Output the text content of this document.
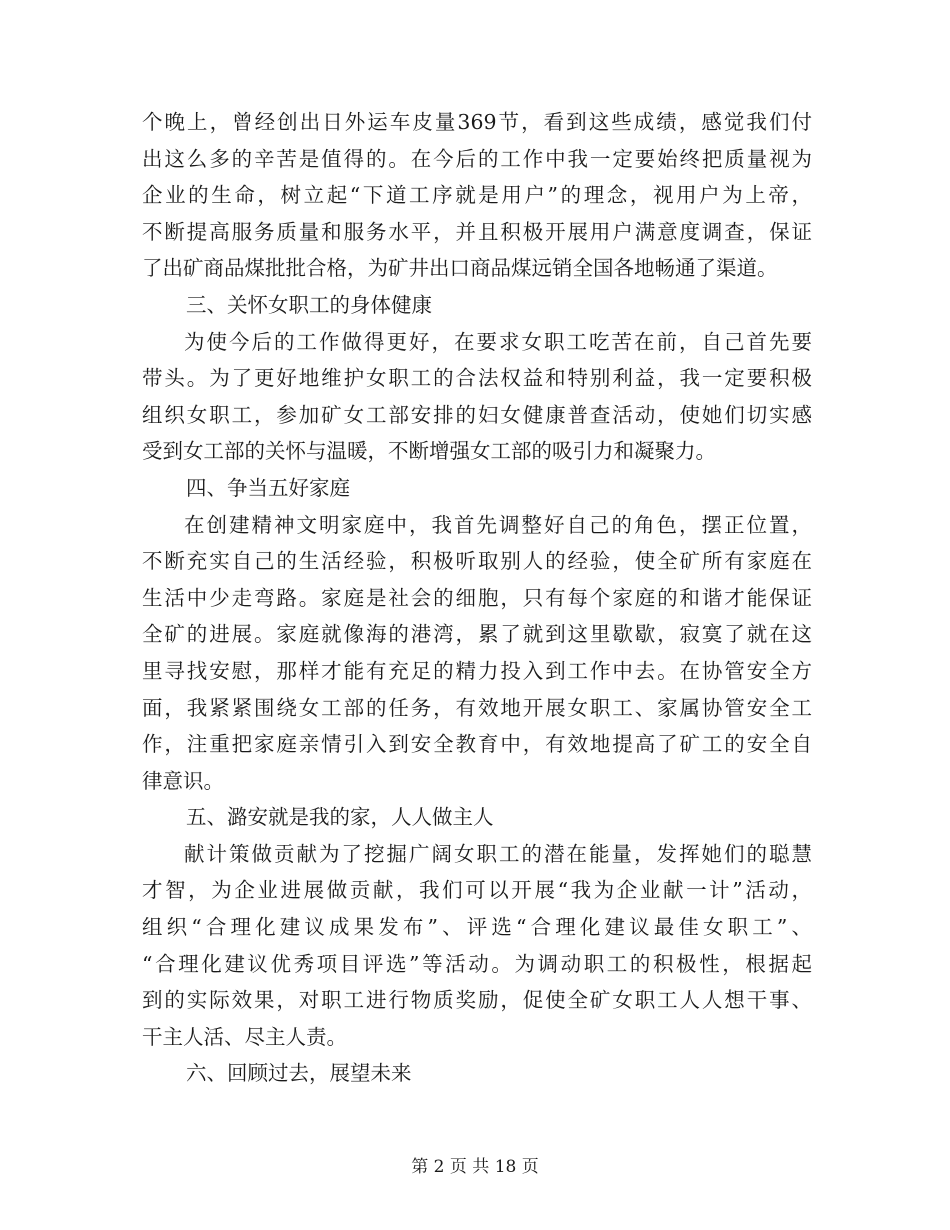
个晚上，曾经创出日外运车皮量369节，看到这些成绩，感觉我们付
出这么多的辛苦是值得的。在今后的工作中我一定要始终把质量视为
企业的生命，树立起“下道工序就是用户”的理念，视用户为上帝，
不断提高服务质量和服务水平，并且积极开展用户满意度调查，保证
了出矿商品煤批批合格，为矿井出口商品煤远销全国各地畅通了渠道。
三、关怀女职工的身体健康
为使今后的工作做得更好，在要求女职工吃苦在前，自己首先要
带头。为了更好地维护女职工的合法权益和特别利益，我一定要积极
组织女职工，参加矿女工部安排的妇女健康普查活动，使她们切实感
受到女工部的关怀与温暖，不断增强女工部的吸引力和凝聚力。
四、争当五好家庭
在创建精神文明家庭中，我首先调整好自己的角色，摆正位置，
不断充实自己的生活经验，积极听取别人的经验，使全矿所有家庭在
生活中少走弯路。家庭是社会的细胞，只有每个家庭的和谐才能保证
全矿的进展。家庭就像海的港湾，累了就到这里歇歇，寂寞了就在这
里寻找安慰，那样才能有充足的精力投入到工作中去。在协管安全方
面，我紧紧围绕女工部的任务，有效地开展女职工、家属协管安全工
作，注重把家庭亲情引入到安全教育中，有效地提高了矿工的安全自
律意识。
五、潞安就是我的家，人人做主人
献计策做贡献为了挖掘广阔女职工的潜在能量，发挥她们的聪慧
才智，为企业进展做贡献，我们可以开展“我为企业献一计”活动，
组织“合理化建议成果发布”、评选“合理化建议最佳女职工”、
“合理化建议优秀项目评选”等活动。为调动职工的积极性，根据起
到的实际效果，对职工进行物质奖励，促使全矿女职工人人想干事、
干主人活、尽主人责。
六、回顾过去，展望未来
第 2 页 共 18 页
